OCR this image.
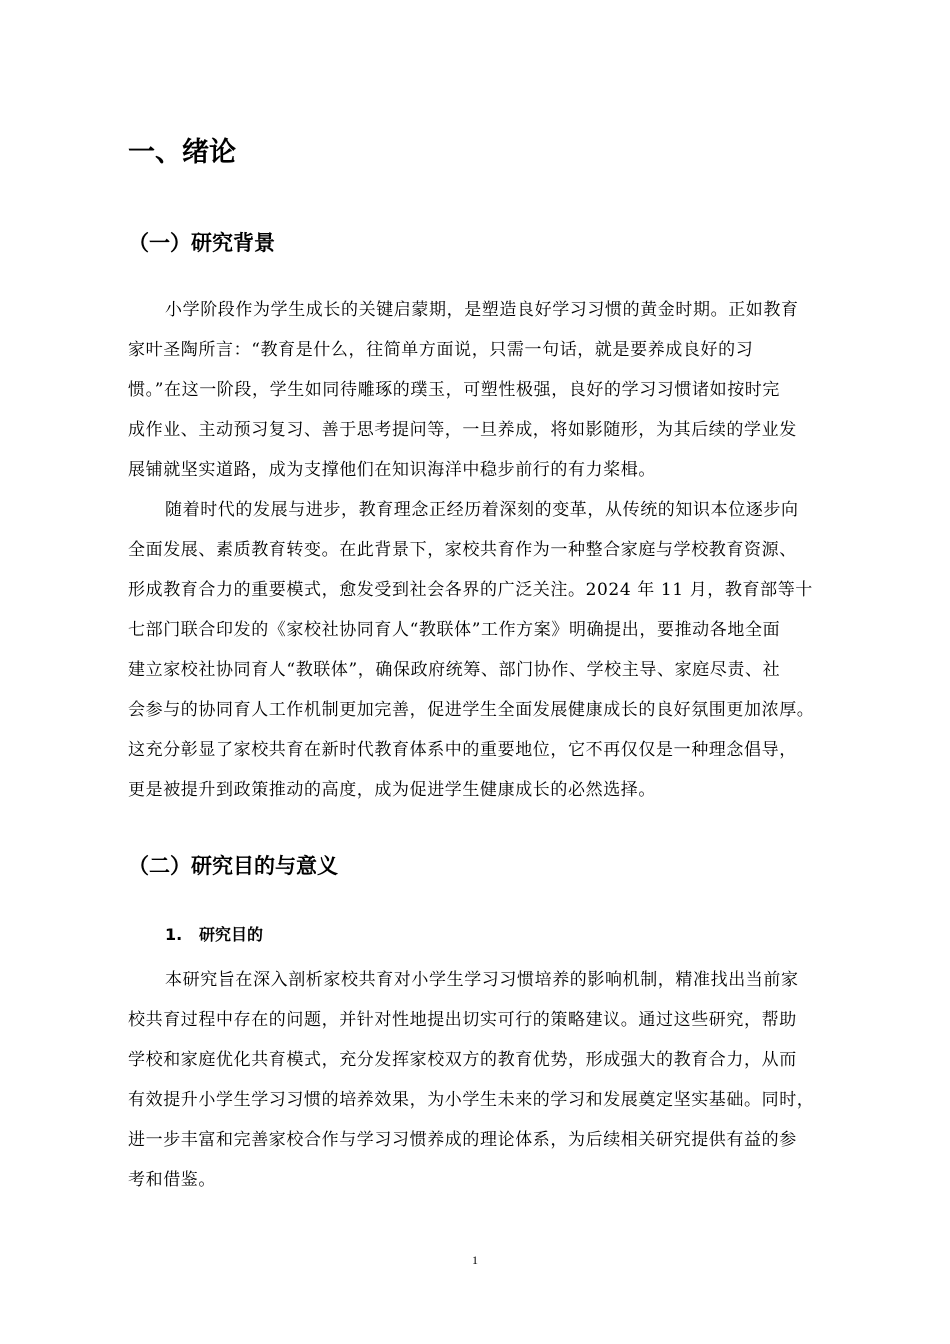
一、绪论
（一）研究背景

小学阶段作为学生成长的关键启蒙期，是塑造良好学习习惯的黄金时期。正如教育
家叶圣陶所言：“教育是什么，往简单方面说，只需一句话，就是要养成良好的习
惯。”在这一阶段，学生如同待雕琢的璞玉，可塑性极强，良好的学习习惯诸如按时完
成作业、主动预习复习、善于思考提问等，一旦养成，将如影随形，为其后续的学业发
展铺就坚实道路，成为支撑他们在知识海洋中稳步前行的有力桨楫。

随着时代的发展与进步，教育理念正经历着深刻的变革，从传统的知识本位逐步向
全面发展、素质教育转变。在此背景下，家校共育作为一种整合家庭与学校教育资源、
形成教育合力的重要模式，愈发受到社会各界的广泛关注。2024 年 11 月，教育部等十
七部门联合印发的《家校社协同育人“教联体”工作方案》明确提出，要推动各地全面
建立家校社协同育人“教联体”，确保政府统筹、部门协作、学校主导、家庭尽责、社
会参与的协同育人工作机制更加完善，促进学生全面发展健康成长的良好氛围更加浓厚。
这充分彰显了家校共育在新时代教育体系中的重要地位，它不再仅仅是一种理念倡导，
更是被提升到政策推动的高度，成为促进学生健康成长的必然选择。

（二）研究目的与意义
1. 研究目的

本研究旨在深入剖析家校共育对小学生学习习惯培养的影响机制，精准找出当前家
校共育过程中存在的问题，并针对性地提出切实可行的策略建议。通过这些研究，帮助
学校和家庭优化共育模式，充分发挥家校双方的教育优势，形成强大的教育合力，从而
有效提升小学生学习习惯的培养效果，为小学生未来的学习和发展奠定坚实基础。同时，
进一步丰富和完善家校合作与学习习惯养成的理论体系，为后续相关研究提供有益的参
考和借鉴。

1
